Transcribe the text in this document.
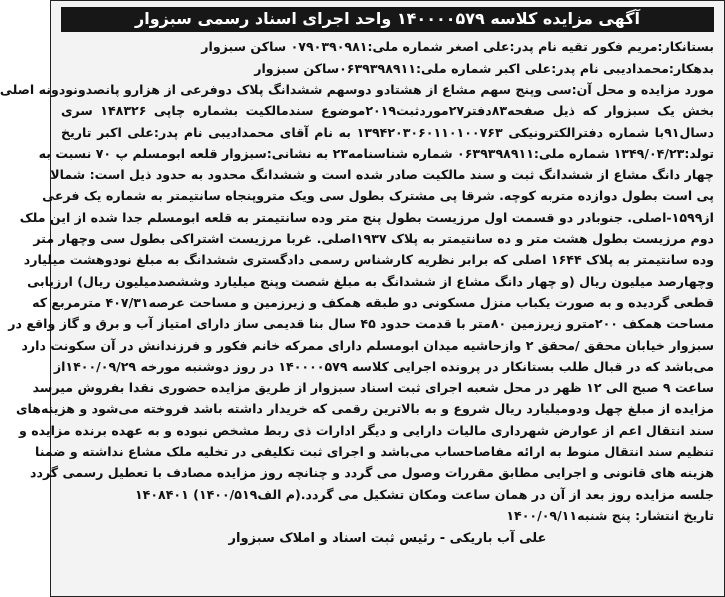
آگهی مزایده کلاسه ۱۴۰۰۰۰۵۷۹ واحد اجرای اسناد رسمی سبزوار
بستانکار:مریم فکور تقیه نام پدر:علی اصغر شماره ملی:۰۷۹۰۳۹۰۹۸۱ ساکن سبزوار
بدهکار:محمدادیبی نام پدر:علی اکبر شماره ملی:۰۶۳۹۳۹۸۹۱۱ساکن سبزوار
مورد مزایده و محل آن:سی وپنج سهم مشاع از هشتادو دوسهم ششدانگ پلاک دوفرعی از هزارو پانصدونودونه اصلی
بخش یک سبزوار که ذیل صفحه۸۳دفتر۲۷موردثبت۲۰۱۹موضوع سندمالکیت بشماره چاپی ۱۴۸۳۲۶ سری
دسال۹۱با شماره دفترالکترونیکی ۱۳۹۴۲۰۳۰۶۰۱۱۰۱۰۰۷۶۳ به نام آقای محمدادیبی نام پدر:علی اکبر تاریخ
تولد:۱۳۴۹/۰۴/۲۳ شماره ملی:۰۶۳۹۳۹۸۹۱۱ شماره شناسنامه۲۳ به نشانی:سبزوار قلعه ابومسلم پ ۷۰ نسبت به
چهار دانگ مشاع از ششدانگ ثبت و سند مالکیت صادر شده است و ششدانگ محدود به حدود ذیل است: شمالا
پی است بطول دوازده متربه کوچه. شرقا پی مشترک بطول سی ویک متروپنجاه سانتیمتر به شماره یک فرعی
از۱۵۹۹-اصلی. جنوبادر دو قسمت اول مرزیست بطول پنج متر وده سانتیمتر به قلعه ابومسلم جدا شده از این ملک
دوم مرزیست بطول هشت متر و ده سانتیمتر به پلاک ۱۹۳۷اصلی. غربا مرزیست اشتراکی بطول سی وچهار متر
وده سانتیمتر به پلاک ۱۶۴۴ اصلی که برابر نظریه کارشناس رسمی دادگستری ششدانگ به مبلغ نودوهشت میلیارد
وچهارصد میلیون ریال (و چهار دانگ مشاع از ششدانگ به مبلغ شصت وپنج میلیارد وششصدمیلیون ریال) ارزیابی
قطعی گردیده و به صورت یکباب منزل مسکونی دو طبقه همکف و زیرزمین و مساحت عرصه۴۰۷/۳۱ مترمربع که
مساحت همکف ۲۰۰مترو زیرزمین ۸۰متر با قدمت حدود ۴۵ سال بنا قدیمی ساز دارای امتیاز آب و برق و گاز واقع در
سبزوار خیابان محقق /محقق ۲ وازحاشیه میدان ابومسلم دارای ممرکه خانم فکور و فرزندانش در آن سکونت دارد
می‌باشد که در قبال طلب بستانکار در پرونده اجرایی کلاسه ۱۴۰۰۰۰۵۷۹ در روز دوشنبه مورخه ۱۴۰۰/۰۹/۲۹از
ساعت ۹ صبح الی ۱۲ ظهر در محل شعبه اجرای ثبت اسناد سبزوار از طریق مزایده حضوری نقدا بفروش میرسد
مزایده از مبلغ چهل ودومیلیارد ریال شروع و به بالاترین رقمی که خریدار داشته باشد فروخته می‌شود و هزینه‌های
سند انتقال اعم از عوارض شهرداری مالیات دارایی و دیگر ادارات ذی ربط مشخص نبوده و به عهده برنده مزایده و
تنظیم سند انتقال منوط به ارائه مفاصاحساب می‌باشد و اجرای ثبت تکلیفی در تخلیه ملک مشاع نداشته و ضمنا
هزینه های قانونی و اجرایی مطابق مقررات وصول می گردد و چنانچه روز مزایده مصادف با تعطیل رسمی گردد
جلسه مزایده روز بعد از آن در همان ساعت ومکان تشکیل می گردد.(م الف۱۴۰۰/۵۱۹) ۱۴۰۸۴۰۱
تاریخ انتشار: پنج شنبه۱۴۰۰/۰۹/۱۱
علی آب باریکی - رئیس ثبت اسناد و املاک سبزوار
